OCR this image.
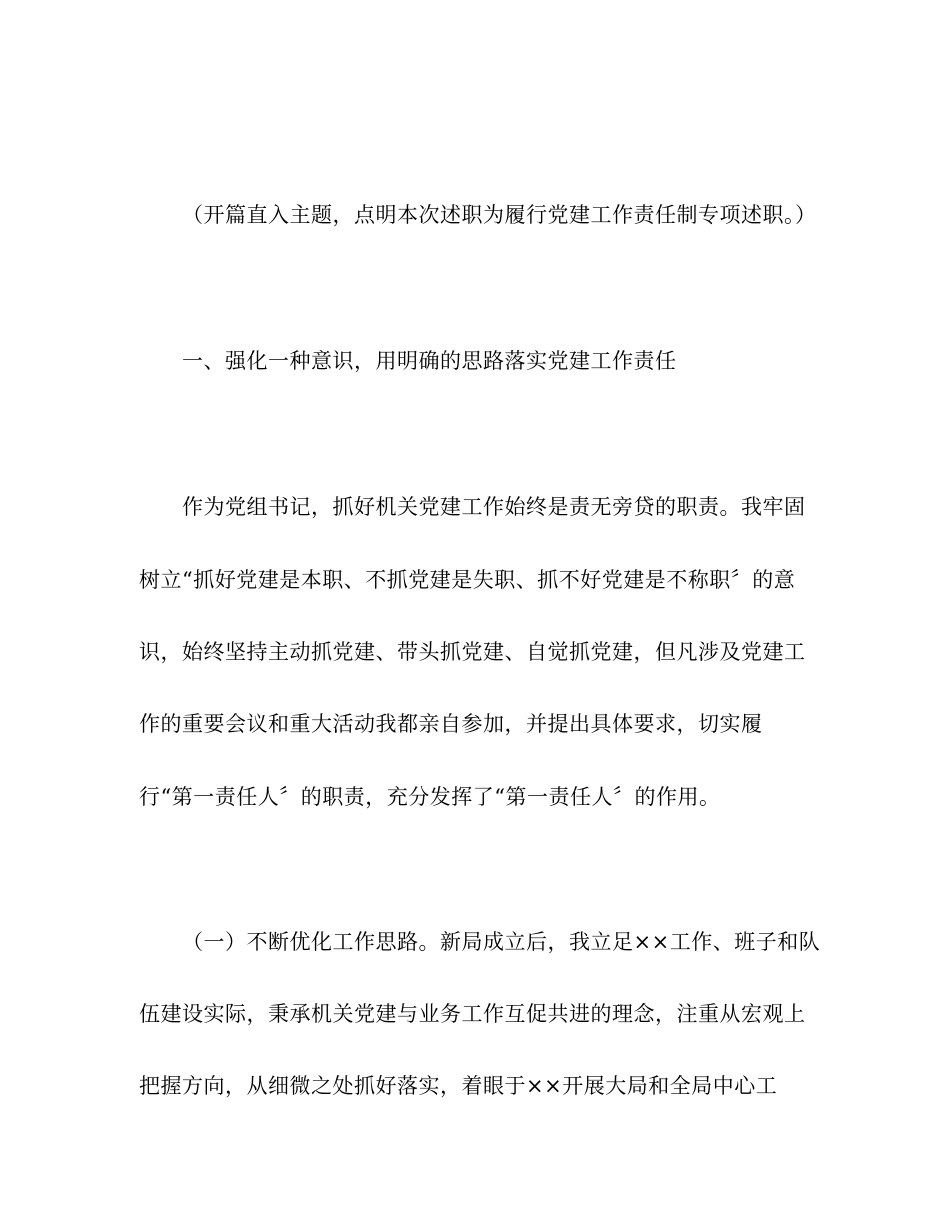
（开篇直入主题，点明本次述职为履行党建工作责任制专项述职。）
一、强化一种意识，用明确的思路落实党建工作责任
作为党组书记，抓好机关党建工作始终是责无旁贷的职责。我牢固
树立“抓好党建是本职、不抓党建是失职、抓不好党建是不称职〞的意
识，始终坚持主动抓党建、带头抓党建、自觉抓党建，但凡涉及党建工
作的重要会议和重大活动我都亲自参加，并提出具体要求，切实履
行“第一责任人〞的职责，充分发挥了“第一责任人〞的作用。
（一）不断优化工作思路。新局成立后，我立足××工作、班子和队
伍建设实际，秉承机关党建与业务工作互促共进的理念，注重从宏观上
把握方向，从细微之处抓好落实，着眼于××开展大局和全局中心工
